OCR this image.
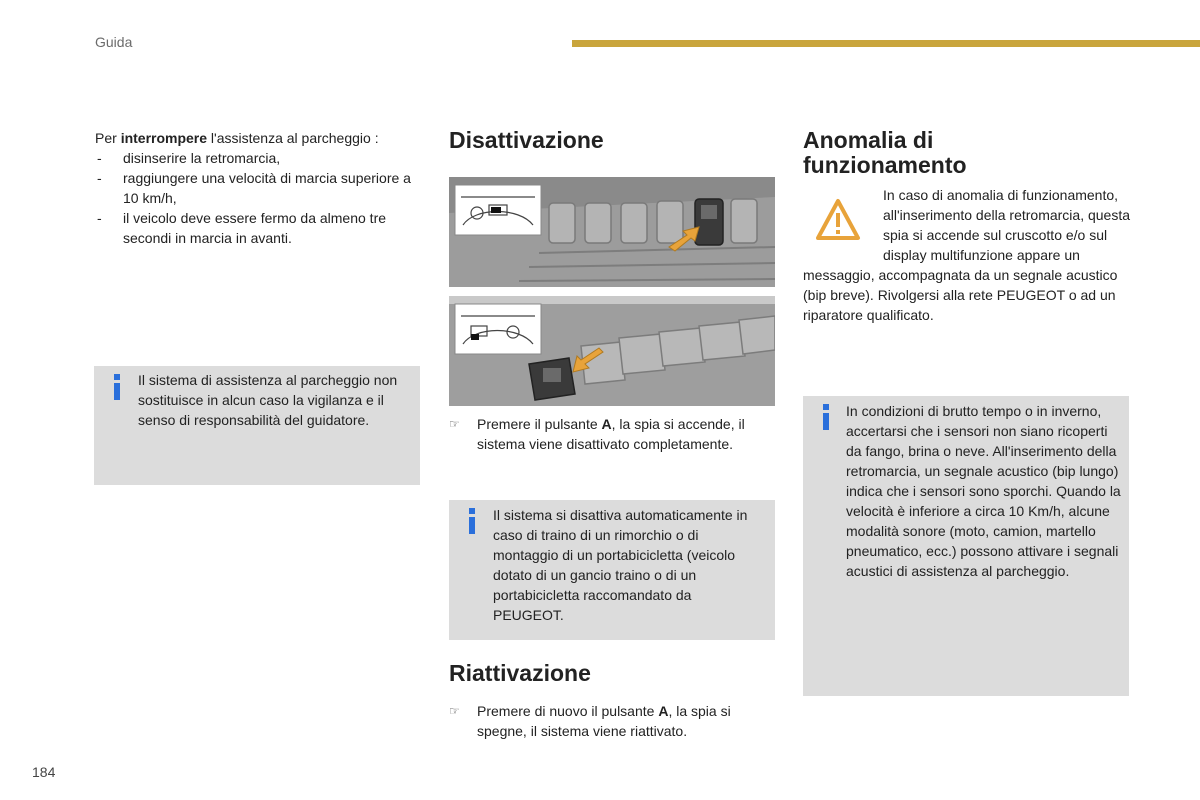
Guida

Per interrompere l'assistenza al parcheggio :

- disinserire la retromarcia,
- raggiungere una velocità di marcia superiore a 10 km/h,
- il veicolo deve essere fermo da almeno tre secondi in marcia in avanti.
Il sistema di assistenza al parcheggio non sostituisce in alcun caso la vigilanza e il senso di responsabilità del guidatore.
Disattivazione
☞ Premere il pulsante A, la spia si accende, il sistema viene disattivato completamente.
Il sistema si disattiva automaticamente in caso di traino di un rimorchio o di montaggio di un portabicicletta (veicolo dotato di un gancio traino o di un portabicicletta raccomandato da PEUGEOT.
Riattivazione
☞ Premere di nuovo il pulsante A, la spia si spegne, il sistema viene riattivato.
Anomalia di
funzionamento

In caso di anomalia di funzionamento, all'inserimento della retromarcia, questa spia si accende sul cruscotto e/o sul display multifunzione appare un messaggio, accompagnata da un segnale acustico (bip breve). Rivolgersi alla rete PEUGEOT o ad un riparatore qualificato.

In condizioni di brutto tempo o in inverno, accertarsi che i sensori non siano ricoperti da fango, brina o neve. All'inserimento della retromarcia, un segnale acustico (bip lungo) indica che i sensori sono sporchi. Quando la velocità è inferiore a circa 10 Km/h, alcune modalità sonore (moto, camion, martello pneumatico, ecc.) possono attivare i segnali acustici di assistenza al parcheggio.
184
